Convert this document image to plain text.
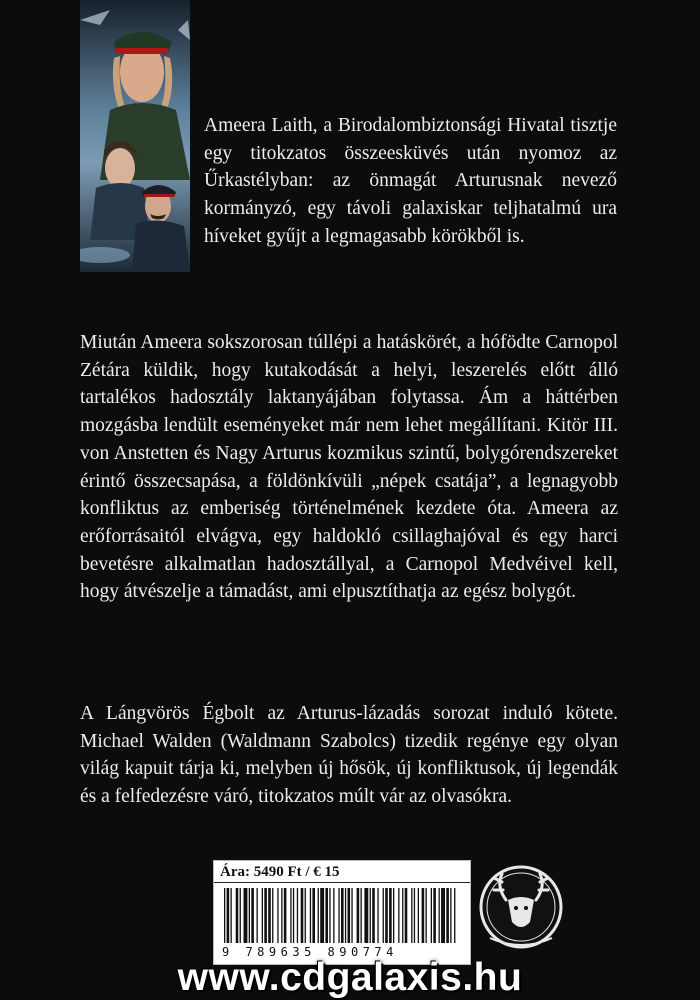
Ameera Laith, a Birodalombiztonsági Hivatal tisztje egy titokzatos összeesküvés után nyomoz az Űrkastélyban: az önmagát Arturusnak nevező kormányzó, egy távoli galaxiskar teljhatalmú ura híveket gyűjt a legmagasabb körökből is.
Miután Ameera sokszorosan túllépi a hatáskörét, a hófödte Carnopol Zétára küldik, hogy kutakodását a helyi, leszerelés előtt álló tartalékos hadosztály laktanyájában folytassa. Ám a háttérben mozgásba lendült eseményeket már nem lehet megállítani. Kitör III. von Anstetten és Nagy Arturus kozmikus szintű, bolygórendszereket érintő összecsapása, a földönkívüli „népek csatája”, a legnagyobb konfliktus az emberiség történelmének kezdete óta. Ameera az erőforrásaitól elvágva, egy haldokló csillaghajóval és egy harci bevetésre alkalmatlan hadosztállyal, a Carnopol Medvéivel kell, hogy átvészelje a támadást, ami elpusztíthatja az egész bolygót.
A Lángvörös Égbolt az Arturus-lázadás sorozat induló kötete. Michael Walden (Waldmann Szabolcs) tizedik regénye egy olyan világ kapuit tárja ki, melyben új hősök, új konfliktusok, új legendák és a felfedezésre váró, titokzatos múlt vár az olvasókra.
Ára: 5490 Ft / € 15
9 789635 890774
www.cdgalaxis.hu
